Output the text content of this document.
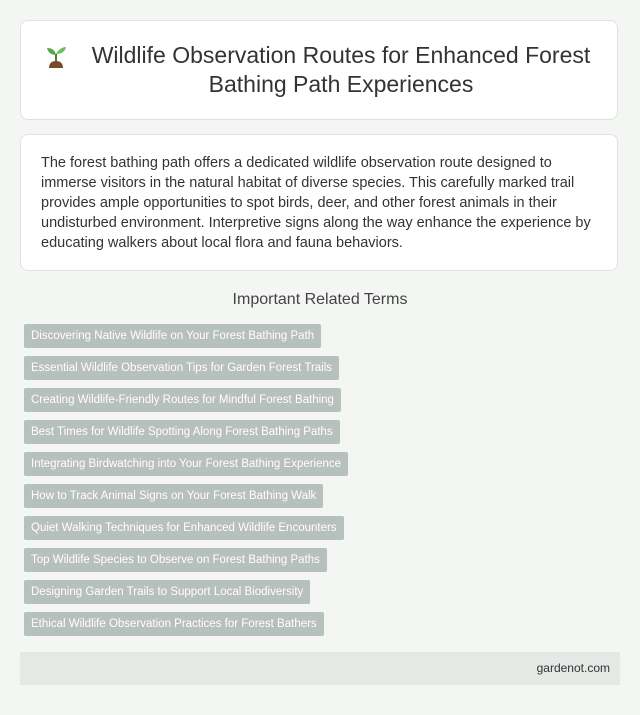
Wildlife Observation Routes for Enhanced Forest Bathing Path Experiences

The forest bathing path offers a dedicated wildlife observation route designed to immerse visitors in the natural habitat of diverse species. This carefully marked trail provides ample opportunities to spot birds, deer, and other forest animals in their undisturbed environment. Interpretive signs along the way enhance the experience by educating walkers about local flora and fauna behaviors.

Important Related Terms
Discovering Native Wildlife on Your Forest Bathing Path
Essential Wildlife Observation Tips for Garden Forest Trails
Creating Wildlife-Friendly Routes for Mindful Forest Bathing
Best Times for Wildlife Spotting Along Forest Bathing Paths
Integrating Birdwatching into Your Forest Bathing Experience
How to Track Animal Signs on Your Forest Bathing Walk
Quiet Walking Techniques for Enhanced Wildlife Encounters
Top Wildlife Species to Observe on Forest Bathing Paths
Designing Garden Trails to Support Local Biodiversity
Ethical Wildlife Observation Practices for Forest Bathers
gardenot.com
